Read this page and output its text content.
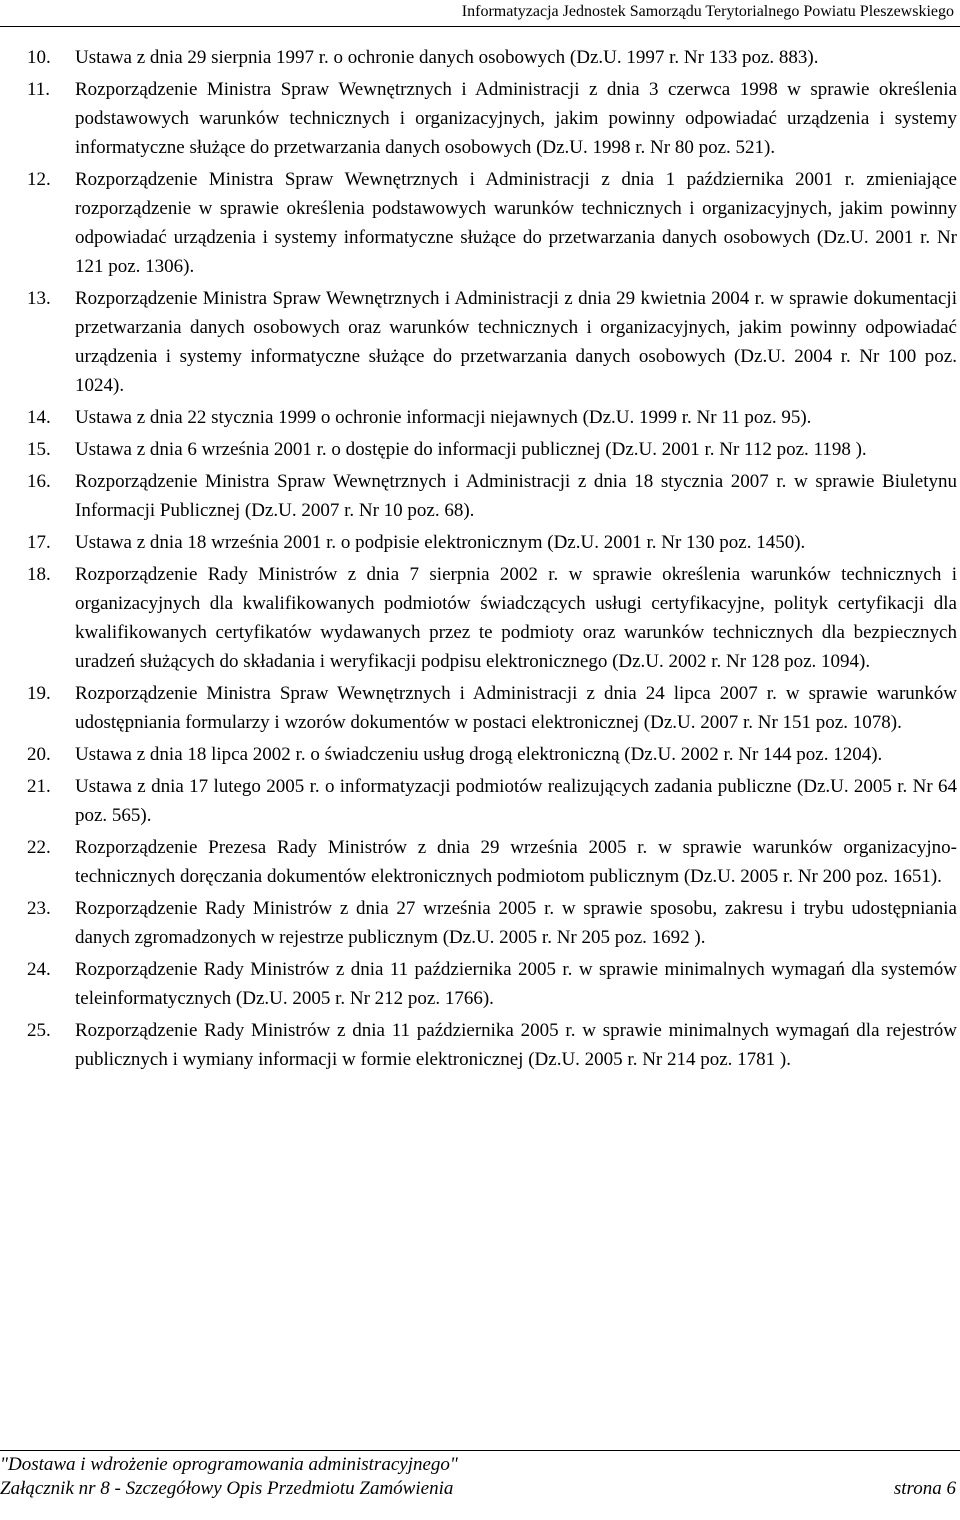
Informatyzacja Jednostek Samorządu Terytorialnego Powiatu Pleszewskiego
10.	Ustawa z dnia 29 sierpnia 1997 r. o ochronie danych osobowych (Dz.U. 1997 r. Nr 133 poz. 883).
11.	Rozporządzenie Ministra Spraw Wewnętrznych i Administracji z dnia 3 czerwca 1998 w sprawie określenia podstawowych warunków technicznych i organizacyjnych, jakim powinny odpowiadać urządzenia i systemy informatyczne służące do przetwarzania danych osobowych (Dz.U. 1998 r. Nr 80 poz. 521).
12.	Rozporządzenie Ministra Spraw Wewnętrznych i Administracji z dnia 1 października 2001 r. zmieniające rozporządzenie w sprawie określenia podstawowych warunków technicznych i organizacyjnych, jakim powinny odpowiadać urządzenia i systemy informatyczne służące do przetwarzania danych osobowych (Dz.U. 2001 r. Nr 121 poz. 1306).
13.	Rozporządzenie Ministra Spraw Wewnętrznych i Administracji z dnia 29 kwietnia 2004 r. w sprawie dokumentacji przetwarzania danych osobowych oraz warunków technicznych i organizacyjnych, jakim powinny odpowiadać urządzenia i systemy informatyczne służące do przetwarzania danych osobowych (Dz.U. 2004 r. Nr 100 poz. 1024).
14.	Ustawa z dnia 22 stycznia 1999 o ochronie informacji niejawnych (Dz.U. 1999 r. Nr 11 poz. 95).
15.	Ustawa z dnia 6 września 2001 r. o dostępie do informacji publicznej (Dz.U. 2001 r. Nr 112 poz. 1198 ).
16.	Rozporządzenie Ministra Spraw Wewnętrznych i Administracji z dnia 18 stycznia 2007 r. w sprawie Biuletynu Informacji Publicznej (Dz.U. 2007 r. Nr 10 poz. 68).
17.	Ustawa z dnia 18 września 2001 r. o podpisie elektronicznym (Dz.U. 2001 r. Nr 130 poz. 1450).
18.	Rozporządzenie Rady Ministrów z dnia 7 sierpnia 2002 r. w sprawie określenia warunków technicznych i organizacyjnych dla kwalifikowanych podmiotów świadczących usługi certyfikacyjne, polityk certyfikacji dla kwalifikowanych certyfikatów wydawanych przez te podmioty oraz warunków technicznych dla bezpiecznych uradzeń służących do składania i weryfikacji podpisu elektronicznego (Dz.U. 2002 r. Nr 128 poz. 1094).
19.	Rozporządzenie Ministra Spraw Wewnętrznych i Administracji z dnia 24 lipca 2007 r. w sprawie warunków udostępniania formularzy i wzorów dokumentów w postaci elektronicznej (Dz.U. 2007 r. Nr 151 poz. 1078).
20.	Ustawa z dnia 18 lipca 2002 r. o świadczeniu usług drogą elektroniczną (Dz.U. 2002 r. Nr 144 poz. 1204).
21.	Ustawa z dnia 17 lutego 2005 r. o informatyzacji podmiotów realizujących zadania publiczne (Dz.U. 2005 r. Nr 64 poz. 565).
22.	Rozporządzenie Prezesa Rady Ministrów z dnia 29 września 2005 r. w sprawie warunków organizacyjno-technicznych doręczania dokumentów elektronicznych podmiotom publicznym (Dz.U. 2005 r. Nr 200 poz. 1651).
23.	Rozporządzenie Rady Ministrów z dnia 27 września 2005 r. w sprawie sposobu, zakresu i trybu udostępniania danych zgromadzonych w rejestrze publicznym (Dz.U. 2005 r. Nr 205 poz. 1692 ).
24.	Rozporządzenie Rady Ministrów z dnia 11 października 2005 r. w sprawie minimalnych wymagań dla systemów teleinformatycznych (Dz.U. 2005 r. Nr 212 poz. 1766).
25.	Rozporządzenie Rady Ministrów z dnia 11 października 2005 r. w sprawie minimalnych wymagań dla rejestrów publicznych i wymiany informacji w formie elektronicznej (Dz.U. 2005 r. Nr 214 poz. 1781 ).
"Dostawa i wdrożenie oprogramowania administracyjnego"
Załącznik nr 8 - Szczegółowy Opis Przedmiotu Zamówienia	strona 6
